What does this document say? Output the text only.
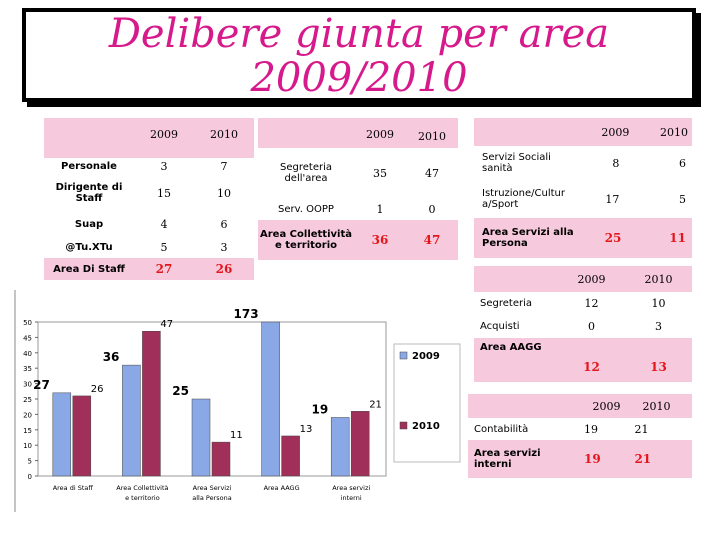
Delibere giunta per area
2009/2010
	2009	2010
Personale	3	7
Dirigente di Staff	15	10
Suap	4	6
@Tu.XTu	5	3
Area Di Staff	27	26
	2009	2010
Segreteria dell'area	35	47
Serv. OOPP	1	0
Area Collettività e territorio	36	47
	2009	2010
Servizi Sociali sanità	8	6
Istruzione/Cultur a/Sport	17	5
Area Servizi alla Persona	25	11
	2009	2010
Segreteria	12	10
Acquisti	0	3
Area AAGG	12	13
	2009	2010
Contabilità	19	21
Area servizi interni	19	21
0
5
10
15
20
25
30
35
40
45
50
27	26
Area di Staff
36
47
Area Collettività
e territorio
25
11
Area Servizi
alla Persona
173
13
Area AAGG
19	21
Area servizi
interni
2009
2010
